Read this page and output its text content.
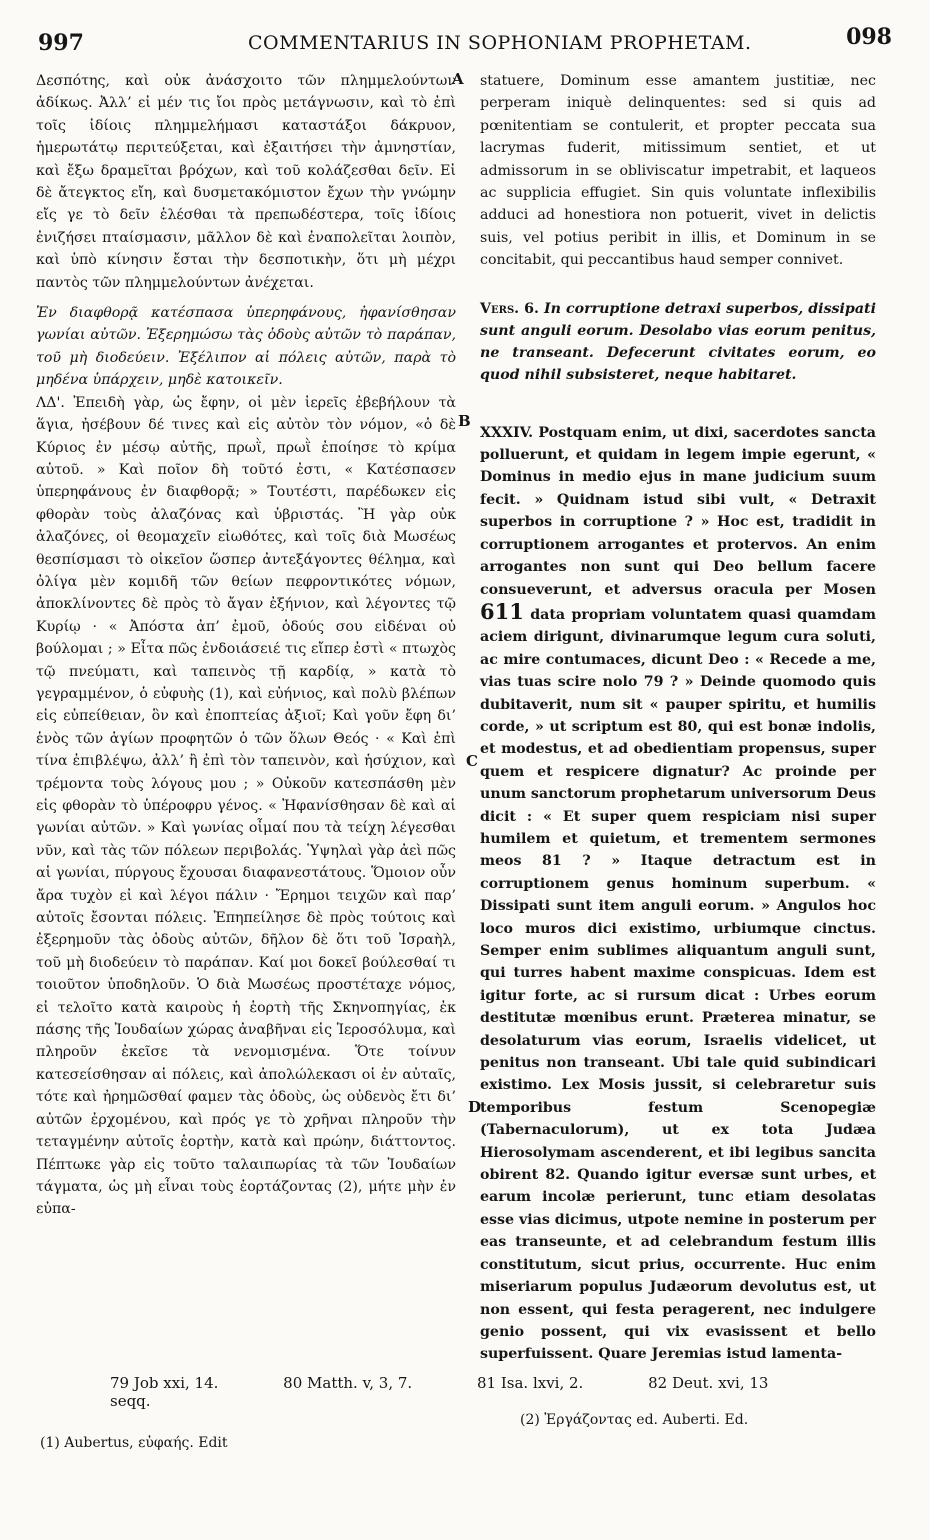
997	COMMENTARIUS IN SOPHONIAM PROPHETAM.	098

Δεσπότης, καὶ οὐκ ἀνάσχοιτο τῶν πλημμελούντων ἀδίκως. Ἀλλ’ εἰ μέν τις ἴοι πρὸς μετάγνωσιν, καὶ τὸ ἐπὶ τοῖς ἰδίοις πλημμελήμασι καταστάξοι δάκρυον, ἡμερωτάτῳ περιτεύξεται, καὶ ἐξαιτήσει τὴν ἀμνηστίαν, καὶ ἔξω δραμεῖται βρόχων, καὶ τοῦ κολάζεσθαι δεῖν. Εἰ δὲ ἄτεγκτος εἴη, καὶ δυσμετακόμιστον ἔχων τὴν γνώμην εἴς γε τὸ δεῖν ἑλέσθαι τὰ πρεπωδέστερα, τοῖς ἰδίοις ἐνιζήσει πταίσμασιν, μᾶλλον δὲ καὶ ἐναπολεῖται λοιπὸν, καὶ ὑπὸ κίνησιν ἔσται τὴν δεσποτικὴν, ὅτι μὴ μέχρι παντὸς τῶν πλημμελούντων ἀνέχεται.

Ἐν διαφθορᾷ κατέσπασα ὑπερηφάνους, ἠφανίσθησαν γωνίαι αὐτῶν. Ἐξερημώσω τὰς ὁδοὺς αὐτῶν τὸ παράπαν, τοῦ μὴ διοδεύειν. Ἐξέλιπον αἱ πόλεις αὐτῶν, παρὰ τὸ μηδένα ὑπάρχειν, μηδὲ κατοικεῖν.

ΛΔ'. Ἐπειδὴ γὰρ, ὡς ἔφην, οἱ μὲν ἱερεῖς ἐβεβήλουν τὰ ἅγια, ἠσέβουν δέ τινες καὶ εἰς αὐτὸν τὸν νόμον, «ὁ δὲ Κύριος ἐν μέσῳ αὐτῆς, πρωῒ, πρωῒ ἐποίησε τὸ κρίμα αὐτοῦ. » Καὶ ποῖον δὴ τοῦτό ἐστι, « Κατέσπασεν ὑπερηφάνους ἐν διαφθορᾷ; » Τουτέστι, παρέδωκεν εἰς φθορὰν τοὺς ἀλαζόνας καὶ ὑβριστάς. Ἢ γὰρ οὐκ ἀλαζόνες, οἱ θεομαχεῖν εἰωθότες, καὶ τοῖς διὰ Μωσέως θεσπίσμασι τὸ οἰκεῖον ὥσπερ ἀντεξάγοντες θέλημα, καὶ ὀλίγα μὲν κομιδῆ τῶν θείων πεφροντικότες νόμων, ἀποκλίνοντες δὲ πρὸς τὸ ἄγαν ἐξήνιον, καὶ λέγοντες τῷ Κυρίῳ · « Ἀπόστα ἀπ’ ἐμοῦ, ὁδούς σου εἰδέναι οὐ βούλομαι ; » Εἶτα πῶς ἐνδοιάσειέ τις εἴπερ ἐστὶ « πτωχὸς τῷ πνεύματι, καὶ ταπεινὸς τῇ καρδίᾳ, » κατὰ τὸ γεγραμμένον, ὁ εὐφυὴς (1), καὶ εὐήνιος, καὶ πολὺ βλέπων εἰς εὐπείθειαν, ὃν καὶ ἐποπτείας ἀξιοῖ; Καὶ γοῦν ἔφη δι’ ἑνὸς τῶν ἁγίων προφητῶν ὁ τῶν ὅλων Θεός · « Καὶ ἐπὶ τίνα ἐπιβλέψω, ἀλλ’ ἢ ἐπὶ τὸν ταπεινὸν, καὶ ἡσύχιον, καὶ τρέμοντα τοὺς λόγους μου ; » Οὐκοῦν κατεσπάσθη μὲν εἰς φθορὰν τὸ ὑπέροφρυ γένος. « Ἠφανίσθησαν δὲ καὶ αἱ γωνίαι αὐτῶν. » Καὶ γωνίας οἶμαί που τὰ τείχη λέγεσθαι νῦν, καὶ τὰς τῶν πόλεων περιβολάς. Ὑψηλαὶ γὰρ ἀεὶ πῶς αἱ γωνίαι, πύργους ἔχουσαι διαφανεστάτους. Ὅμοιον οὖν ἄρα τυχὸν εἰ καὶ λέγοι πάλιν · Ἔρημοι τειχῶν καὶ παρ’ αὐτοῖς ἔσονται πόλεις. Ἐπηπείλησε δὲ πρὸς τούτοις καὶ ἐξερημοῦν τὰς ὁδοὺς αὐτῶν, δῆλον δὲ ὅτι τοῦ Ἰσραὴλ, τοῦ μὴ διοδεύειν τὸ παράπαν. Καί μοι δοκεῖ βούλεσθαί τι τοιοῦτον ὑποδηλοῦν. Ὁ διὰ Μωσέως προστέταχε νόμος, εἰ τελοῖτο κατὰ καιροὺς ἡ ἑορτὴ τῆς Σκηνοπηγίας, ἐκ πάσης τῆς Ἰουδαίων χώρας ἀναβῆναι εἰς Ἱεροσόλυμα, καὶ πληροῦν ἐκεῖσε τὰ νενομισμένα. Ὅτε τοίνυν κατεσείσθησαν αἱ πόλεις, καὶ ἀπολώλεκασι οἱ ἐν αὐταῖς, τότε καὶ ἠρημῶσθαί φαμεν τὰς ὁδοὺς, ὡς οὐδενὸς ἔτι δι’ αὐτῶν ἐρχομένου, καὶ πρός γε τὸ χρῆναι πληροῦν τὴν τεταγμένην αὐτοῖς ἑορτὴν, κατὰ καὶ πρώην, διάττοντος. Πέπτωκε γὰρ εἰς τοῦτο ταλαιπωρίας τὰ τῶν Ἰουδαίων τάγματα, ὡς μὴ εἶναι τοὺς ἑορτάζοντας (2), μήτε μὴν ἐν εὐπα-

A
B
C
D

statuere, Dominum esse amantem justitiæ, nec perperam iniquè delinquentes: sed si quis ad pœnitentiam se contulerit, et propter peccata sua lacrymas fuderit, mitissimum sentiet, et ut admissorum in se obliviscatur impetrabit, et laqueos ac supplicia effugiet. Sin quis voluntate inflexibilis adduci ad honestiora non potuerit, vivet in delictis suis, vel potius peribit in illis, et Dominum in se concitabit, qui peccantibus haud semper connivet.

Vers. 6. In corruptione detraxi superbos, dissipati sunt anguli eorum. Desolabo vias eorum penitus, ne transeant. Defecerunt civitates eorum, eo quod nihil subsisteret, neque habitaret.

XXXIV. Postquam enim, ut dixi, sacerdotes sancta polluerunt, et quidam in legem impie egerunt, « Dominus in medio ejus in mane judicium suum fecit. » Quidnam istud sibi vult, « Detraxit superbos in corruptione ? » Hoc est, tradidit in corruptionem arrogantes et protervos. An enim arrogantes non sunt qui Deo bellum facere consueverunt, et adversus oracula per Mosen 611 data propriam voluntatem quasi quamdam aciem dirigunt, divinarumque legum cura soluti, ac mire contumaces, dicunt Deo : « Recede a me, vias tuas scire nolo 79 ? » Deinde quomodo quis dubitaverit, num sit « pauper spiritu, et humilis corde, » ut scriptum est 80, qui est bonæ indolis, et modestus, et ad obedientiam propensus, super quem et respicere dignatur? Ac proinde per unum sanctorum prophetarum universorum Deus dicit : « Et super quem respiciam nisi super humilem et quietum, et trementem sermones meos 81 ? » Itaque detractum est in corruptionem genus hominum superbum. « Dissipati sunt item anguli eorum. » Angulos hoc loco muros dici existimo, urbiumque cinctus. Semper enim sublimes aliquantum anguli sunt, qui turres habent maxime conspicuas. Idem est igitur forte, ac si rursum dicat : Urbes eorum destitutæ mœnibus erunt. Præterea minatur, se desolaturum vias eorum, Israelis videlicet, ut penitus non transeant. Ubi tale quid subindicari existimo. Lex Mosis jussit, si celebraretur suis temporibus festum Scenopegiæ (Tabernaculorum), ut ex tota Judæa Hierosolymam ascenderent, et ibi legibus sancita obirent 82. Quando igitur eversæ sunt urbes, et earum incolæ perierunt, tunc etiam desolatas esse vias dicimus, utpote nemine in posterum per eas transeunte, et ad celebrandum festum illis constitutum, sicut prius, occurrente. Huc enim miseriarum populus Judæorum devolutus est, ut non essent, qui festa peragerent, nec indulgere genio possent, qui vix evasissent et bello superfuissent. Quare Jeremias istud lamenta-

79 Job xxi, 14.	80 Matth. v, 3, 7.	81 Isa. lxvi, 2.	82 Deut. xvi, 13 seqq.
(1) Aubertus, εὐφαής. Edit
(2) Ἐργάζοντας ed. Auberti. Ed.
